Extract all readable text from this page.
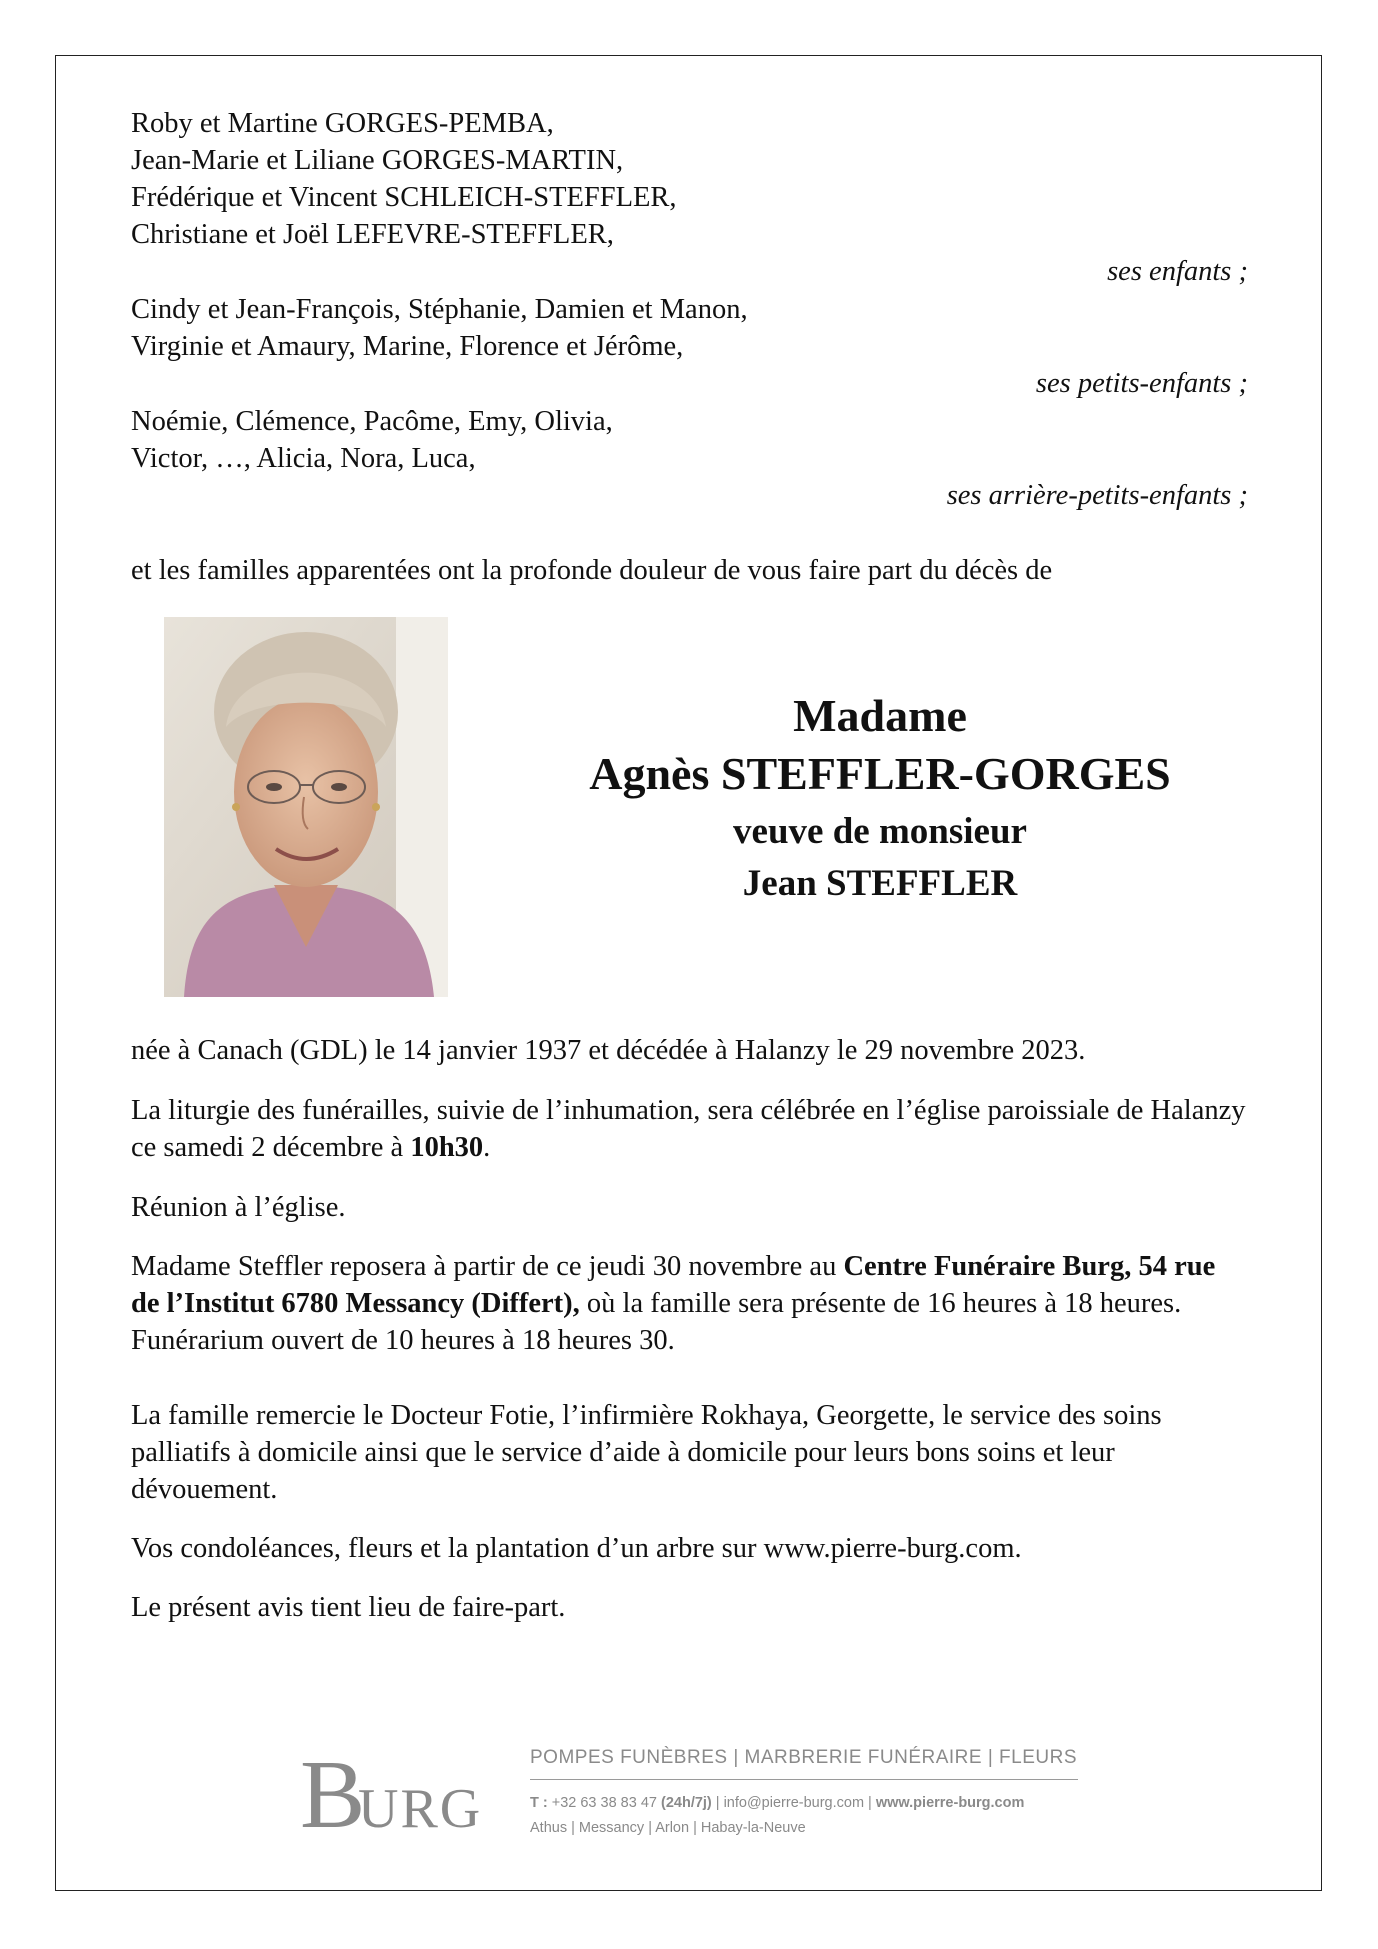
Roby et Martine GORGES-PEMBA,
Jean-Marie et Liliane GORGES-MARTIN,
Frédérique et Vincent SCHLEICH-STEFFLER,
Christiane et Joël LEFEVRE-STEFFLER,
ses enfants ;
Cindy et Jean-François, Stéphanie, Damien et Manon,
Virginie et Amaury, Marine, Florence et Jérôme,
ses petits-enfants ;
Noémie, Clémence, Pacôme, Emy, Olivia,
Victor, …, Alicia, Nora, Luca,
ses arrière-petits-enfants ;
et les familles apparentées ont la profonde douleur de vous faire part du décès de
Madame
Agnès STEFFLER-GORGES
veuve de monsieur
Jean STEFFLER
née à Canach (GDL) le 14 janvier 1937 et décédée à Halanzy le 29 novembre 2023.
La liturgie des funérailles, suivie de l’inhumation, sera célébrée en l’église paroissiale de Halanzy ce samedi 2 décembre à 10h30.
Réunion à l’église.
Madame Steffler reposera à partir de ce jeudi 30 novembre au Centre Funéraire Burg, 54 rue de l’Institut 6780 Messancy (Differt), où la famille sera présente de 16 heures à 18 heures. Funérarium ouvert de 10 heures à 18 heures 30.
La famille remercie le Docteur Fotie, l’infirmière Rokhaya, Georgette, le service des soins palliatifs à domicile ainsi que le service d’aide à domicile pour leurs bons soins et leur dévouement.
Vos condoléances, fleurs et la plantation d’un arbre sur www.pierre-burg.com.
Le présent avis tient lieu de faire-part.
B
URG
POMPES FUNÈBRES | MARBRERIE FUNÉRAIRE | FLEURS
T : +32 63 38 83 47 (24h/7j) | info@pierre-burg.com | www.pierre-burg.com
Athus | Messancy | Arlon | Habay-la-Neuve
